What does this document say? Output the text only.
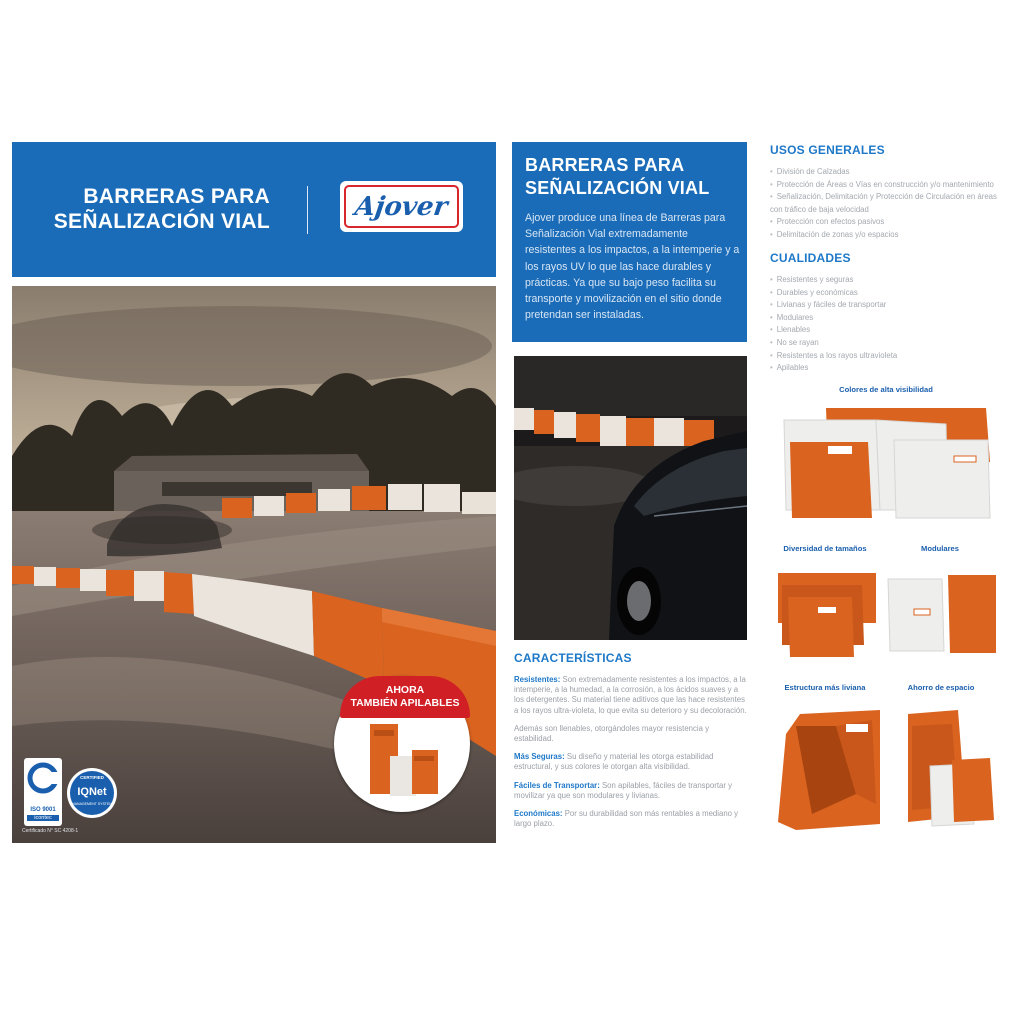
BARRERAS PARA
SEÑALIZACIÓN VIAL	Ajover
AHORA
TAMBIÉN APILABLES
ISO 9001
icontec
CERTIFIED
IQNet
MANAGEMENT SYSTEM
Certificado N° SC 4208-1
BARRERAS PARA
SEÑALIZACIÓN VIAL
Ajover produce una línea de Barreras para Señalización Vial extremadamente resistentes a los impactos, a la intemperie y a los rayos UV lo que las hace durables y prácticas. Ya que su bajo peso facilita su transporte y movilización en el sitio donde pretendan ser instaladas.
CARACTERÍSTICAS

Resistentes: Son extremadamente resistentes a los impactos, a la intemperie, a la humedad, a la corrosión, a los ácidos suaves y a los detergentes. Su material tiene aditivos que las hace resistentes a los rayos ultra-violeta, lo que evita su deterioro y su decoloración.

Además son llenables, otorgándoles mayor resistencia y estabilidad.

Más Seguras: Su diseño y material les otorga estabilidad estructural, y sus colores le otorgan alta visibilidad.

Fáciles de Transportar: Son apilables, fáciles de transportar y movilizar ya que son modulares y livianas.

Económicas: Por su durabilidad son más rentables a mediano y largo plazo.

USOS GENERALES
• División de Calzadas
• Protección de Áreas o Vías en construcción y/o mantenimiento
• Señalización, Delimitación y Protección de Circulación en áreas con tráfico de baja velocidad
• Protección con efectos pasivos
• Delimitación de zonas y/o espacios
CUALIDADES
• Resistentes y seguras
• Durables y económicas
• Livianas y fáciles de transportar
• Modulares
• Llenables
• No se rayan
• Resistentes a los rayos ultravioleta
• Apilables
Colores de alta visibilidad
Diversidad de tamaños	Modulares
Estructura más liviana	Ahorro de espacio
